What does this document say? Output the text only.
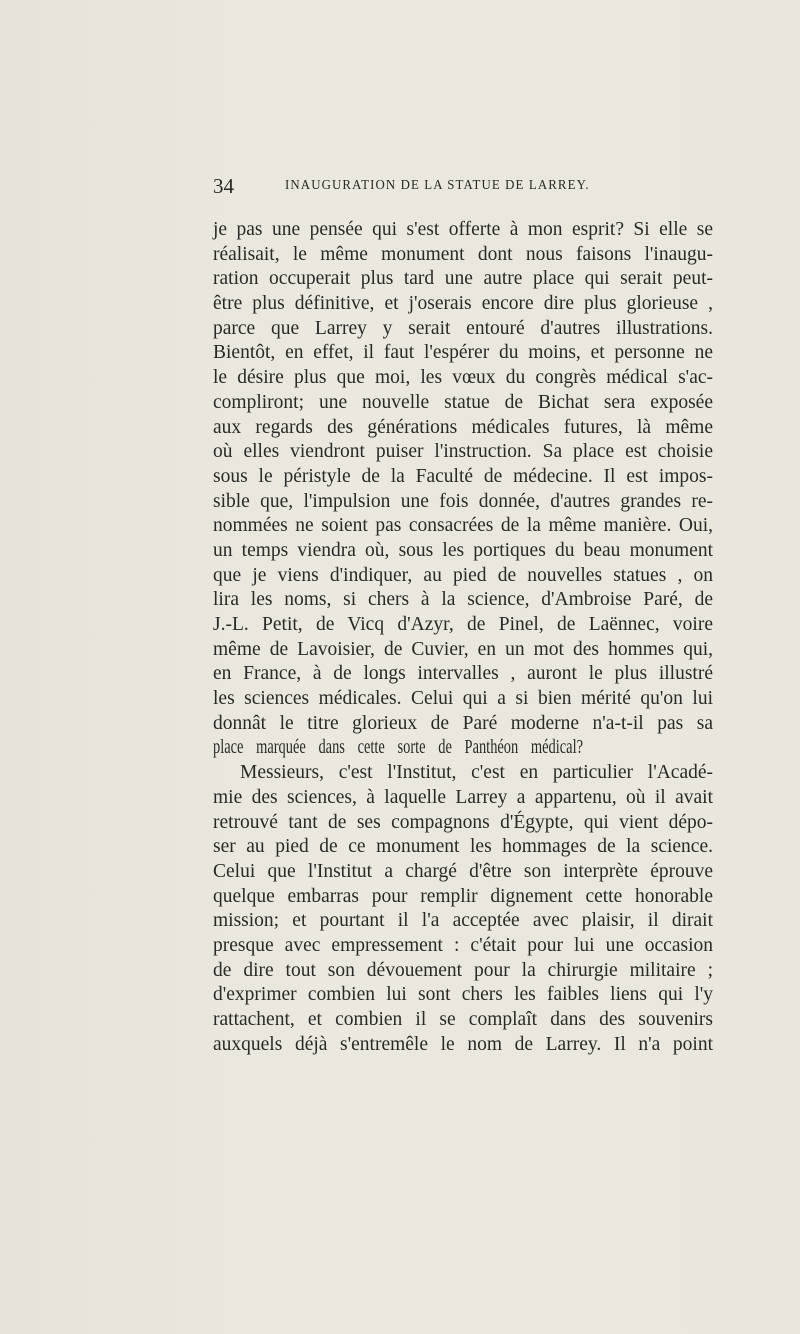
34	INAUGURATION DE LA STATUE DE LARREY.
je pas une pensée qui s'est offerte à mon esprit? Si elle se
réalisait, le même monument dont nous faisons l'inaugu-
ration occuperait plus tard une autre place qui serait peut-
être plus définitive, et j'oserais encore dire plus glorieuse ,
parce que Larrey y serait entouré d'autres illustrations.
Bientôt, en effet, il faut l'espérer du moins, et personne ne
le désire plus que moi, les vœux du congrès médical s'ac-
compliront; une nouvelle statue de Bichat sera exposée
aux regards des générations médicales futures, là même
où elles viendront puiser l'instruction. Sa place est choisie
sous le péristyle de la Faculté de médecine. Il est impos-
sible que, l'impulsion une fois donnée, d'autres grandes re-
nommées ne soient pas consacrées de la même manière. Oui,
un temps viendra où, sous les portiques du beau monument
que je viens d'indiquer, au pied de nouvelles statues , on
lira les noms, si chers à la science, d'Ambroise Paré, de
J.-L. Petit, de Vicq d'Azyr, de Pinel, de Laënnec, voire
même de Lavoisier, de Cuvier, en un mot des hommes qui,
en France, à de longs intervalles , auront le plus illustré
les sciences médicales. Celui qui a si bien mérité qu'on lui
donnât le titre glorieux de Paré moderne n'a-t-il pas sa
place marquée dans cette sorte de Panthéon médical?
Messieurs, c'est l'Institut, c'est en particulier l'Acadé-
mie des sciences, à laquelle Larrey a appartenu, où il avait
retrouvé tant de ses compagnons d'Égypte, qui vient dépo-
ser au pied de ce monument les hommages de la science.
Celui que l'Institut a chargé d'être son interprète éprouve
quelque embarras pour remplir dignement cette honorable
mission; et pourtant il l'a acceptée avec plaisir, il dirait
presque avec empressement : c'était pour lui une occasion
de dire tout son dévouement pour la chirurgie militaire ;
d'exprimer combien lui sont chers les faibles liens qui l'y
rattachent, et combien il se complaît dans des souvenirs
auxquels déjà s'entremêle le nom de Larrey. Il n'a point
